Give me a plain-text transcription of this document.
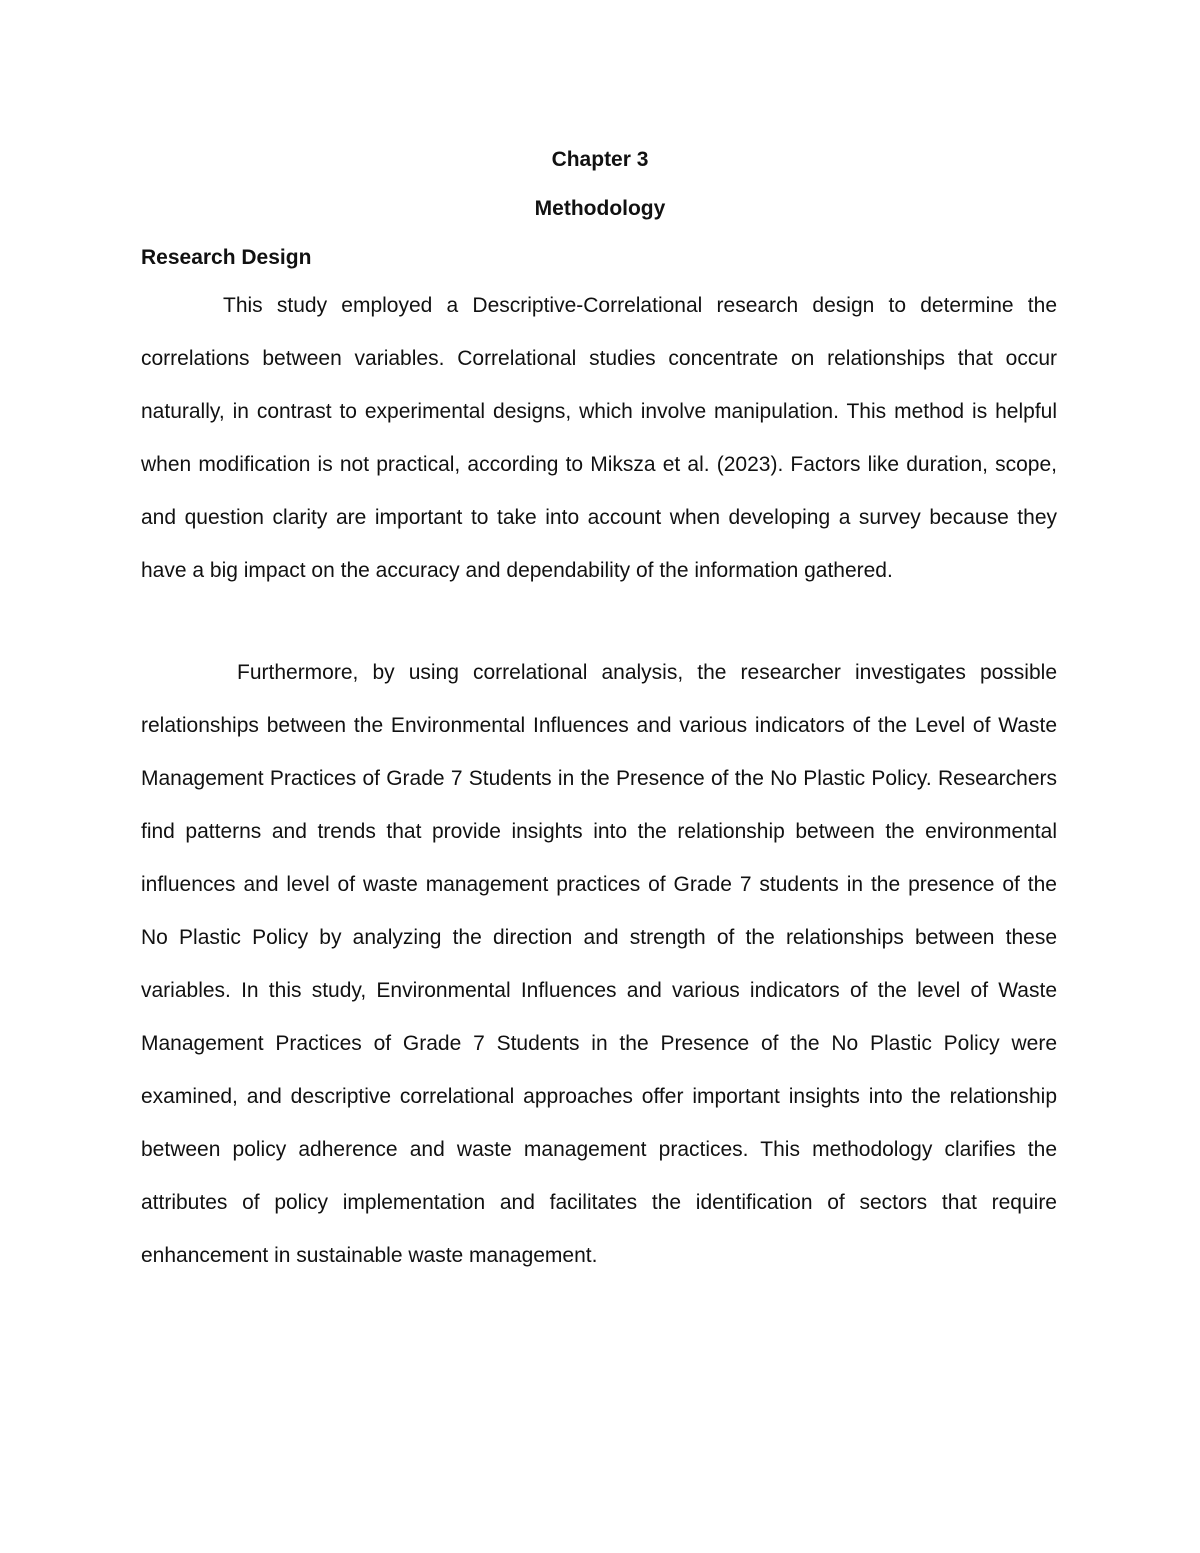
Chapter 3
Methodology
Research Design

This study employed a Descriptive-Correlational research design to determine the correlations between variables. Correlational studies concentrate on relationships that occur naturally, in contrast to experimental designs, which involve manipulation. This method is helpful when modification is not practical, according to Miksza et al. (2023). Factors like duration, scope, and question clarity are important to take into account when developing a survey because they have a big impact on the accuracy and dependability of the information gathered.

Furthermore, by using correlational analysis, the researcher investigates possible relationships between the Environmental Influences and various indicators of the Level of Waste Management Practices of Grade 7 Students in the Presence of the No Plastic Policy. Researchers find patterns and trends that provide insights into the relationship between the environmental influences and level of waste management practices of Grade 7 students in the presence of the No Plastic Policy by analyzing the direction and strength of the relationships between these variables. In this study, Environmental Influences and various indicators of the level of Waste Management Practices of Grade 7 Students in the Presence of the No Plastic Policy were examined, and descriptive correlational approaches offer important insights into the relationship between policy adherence and waste management practices. This methodology clarifies the attributes of policy implementation and facilitates the identification of sectors that require enhancement in sustainable waste management.
